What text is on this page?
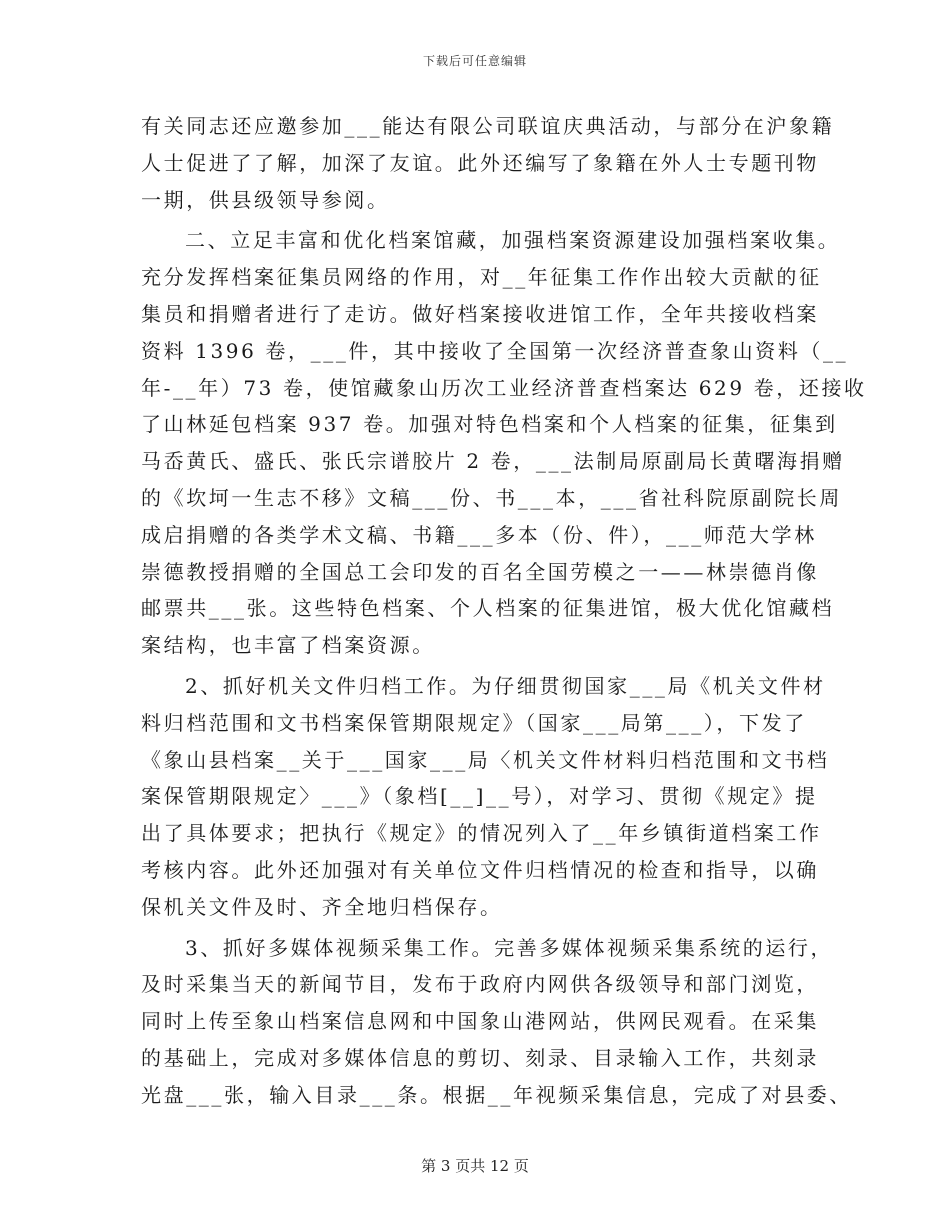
下载后可任意编辑
有关同志还应邀参加___能达有限公司联谊庆典活动，与部分在沪象籍
人士促进了了解，加深了友谊。此外还编写了象籍在外人士专题刊物
一期，供县级领导参阅。
二、立足丰富和优化档案馆藏，加强档案资源建设加强档案收集。
充分发挥档案征集员网络的作用，对__年征集工作作出较大贡献的征
集员和捐赠者进行了走访。做好档案接收进馆工作，全年共接收档案
资料 1396 卷，___件，其中接收了全国第一次经济普查象山资料（__
年-__年）73 卷，使馆藏象山历次工业经济普查档案达 629 卷，还接收
了山林延包档案 937 卷。加强对特色档案和个人档案的征集，征集到
马岙黄氏、盛氏、张氏宗谱胶片 2 卷，___法制局原副局长黄曙海捐赠
的《坎坷一生志不移》文稿___份、书___本，___省社科院原副院长周
成启捐赠的各类学术文稿、书籍___多本（份、件），___师范大学林
崇德教授捐赠的全国总工会印发的百名全国劳模之一——林崇德肖像
邮票共___张。这些特色档案、个人档案的征集进馆，极大优化馆藏档
案结构，也丰富了档案资源。
2、抓好机关文件归档工作。为仔细贯彻国家___局《机关文件材
料归档范围和文书档案保管期限规定》（国家___局第___），下发了
《象山县档案__关于___国家___局〈机关文件材料归档范围和文书档
案保管期限规定〉___》（象档[__]__号），对学习、贯彻《规定》提
出了具体要求；把执行《规定》的情况列入了__年乡镇街道档案工作
考核内容。此外还加强对有关单位文件归档情况的检查和指导，以确
保机关文件及时、齐全地归档保存。
3、抓好多媒体视频采集工作。完善多媒体视频采集系统的运行，
及时采集当天的新闻节目，发布于政府内网供各级领导和部门浏览，
同时上传至象山档案信息网和中国象山港网站，供网民观看。在采集
的基础上，完成对多媒体信息的剪切、刻录、目录输入工作，共刻录
光盘___张，输入目录___条。根据__年视频采集信息，完成了对县委、
第 3 页共 12 页
